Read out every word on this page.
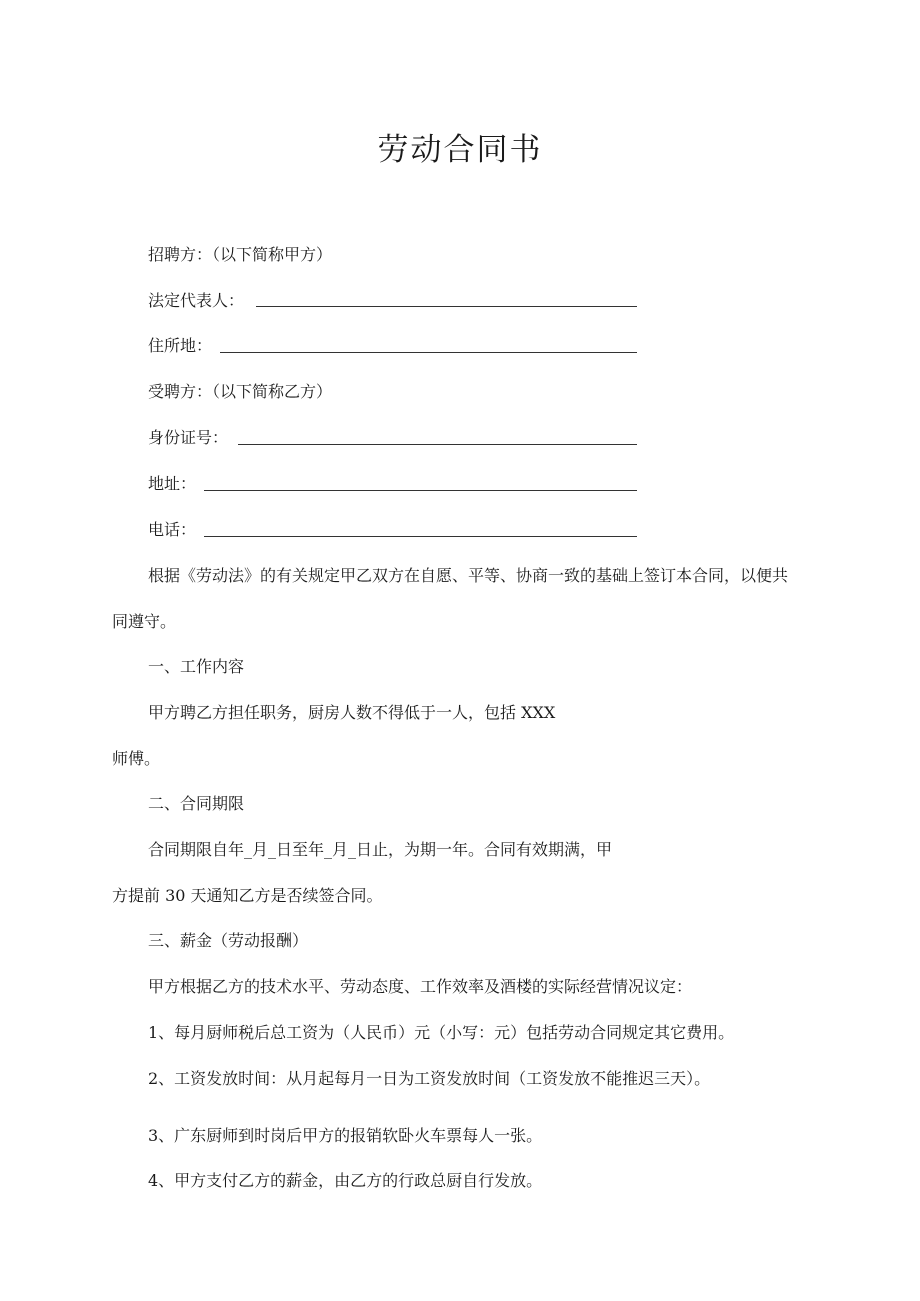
劳动合同书
招聘方：（以下简称甲方）
法定代表人：
住所地：
受聘方：（以下简称乙方）
身份证号：
地址：
电话：
根据《劳动法》的有关规定甲乙双方在自愿、平等、协商一致的基础上签订本合同，以便共
同遵守。
一、工作内容
甲方聘乙方担任职务，厨房人数不得低于一人，包括 XXX
师傅。
二、合同期限
合同期限自年_月_日至年_月_日止，为期一年。合同有效期满，甲
方提前 30 天通知乙方是否续签合同。
三、薪金（劳动报酬）
甲方根据乙方的技术水平、劳动态度、工作效率及酒楼的实际经营情况议定：
1、每月厨师税后总工资为（人民币）元（小写：元）包括劳动合同规定其它费用。
2、工资发放时间：从月起每月一日为工资发放时间（工资发放不能推迟三天）。
3、广东厨师到时岗后甲方的报销软卧火车票每人一张。
4、甲方支付乙方的薪金，由乙方的行政总厨自行发放。
